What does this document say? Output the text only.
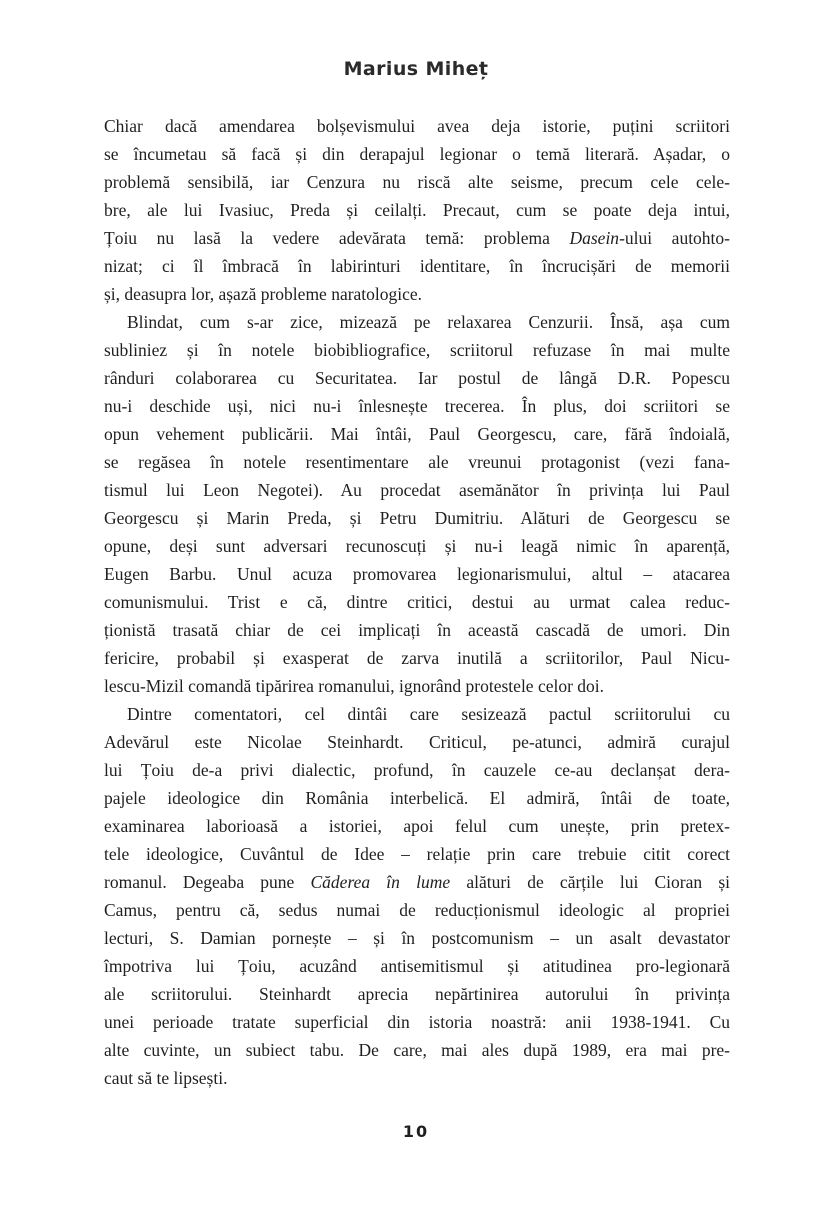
Marius Miheț
Chiar dacă amendarea bolșevismului avea deja istorie, puțini scriitori
se încumetau să facă și din derapajul legionar o temă literară. Așadar, o
problemă sensibilă, iar Cenzura nu riscă alte seisme, precum cele cele-
bre, ale lui Ivasiuc, Preda și ceilalți. Precaut, cum se poate deja intui,
Țoiu nu lasă la vedere adevărata temă: problema Dasein-ului autohto-
nizat; ci îl îmbracă în labirinturi identitare, în încrucișări de memorii
și, deasupra lor, așază probleme naratologice.
Blindat, cum s-ar zice, mizează pe relaxarea Cenzurii. Însă, așa cum
subliniez și în notele biobibliografice, scriitorul refuzase în mai multe
rânduri colaborarea cu Securitatea. Iar postul de lângă D.R. Popescu
nu-i deschide uși, nici nu-i înlesnește trecerea. În plus, doi scriitori se
opun vehement publicării. Mai întâi, Paul Georgescu, care, fără îndoială,
se regăsea în notele resentimentare ale vreunui protagonist (vezi fana-
tismul lui Leon Negotei). Au procedat asemănător în privința lui Paul
Georgescu și Marin Preda, și Petru Dumitriu. Alături de Georgescu se
opune, deși sunt adversari recunoscuți și nu-i leagă nimic în aparență,
Eugen Barbu. Unul acuza promovarea legionarismului, altul – atacarea
comunismului. Trist e că, dintre critici, destui au urmat calea reduc-
ționistă trasată chiar de cei implicați în această cascadă de umori. Din
fericire, probabil și exasperat de zarva inutilă a scriitorilor, Paul Nicu-
lescu-Mizil comandă tipărirea romanului, ignorând protestele celor doi.
Dintre comentatori, cel dintâi care sesizează pactul scriitorului cu
Adevărul este Nicolae Steinhardt. Criticul, pe-atunci, admiră curajul
lui Țoiu de-a privi dialectic, profund, în cauzele ce-au declanșat dera-
pajele ideologice din România interbelică. El admiră, întâi de toate,
examinarea laborioasă a istoriei, apoi felul cum unește, prin pretex-
tele ideologice, Cuvântul de Idee – relație prin care trebuie citit corect
romanul. Degeaba pune Căderea în lume alături de cărțile lui Cioran și
Camus, pentru că, sedus numai de reducționismul ideologic al propriei
lecturi, S. Damian pornește – și în postcomunism – un asalt devastator
împotriva lui Țoiu, acuzând antisemitismul și atitudinea pro-legionară
ale scriitorului. Steinhardt aprecia nepărtinirea autorului în privința
unei perioade tratate superficial din istoria noastră: anii 1938-1941. Cu
alte cuvinte, un subiect tabu. De care, mai ales după 1989, era mai pre-
caut să te lipsești.
10
